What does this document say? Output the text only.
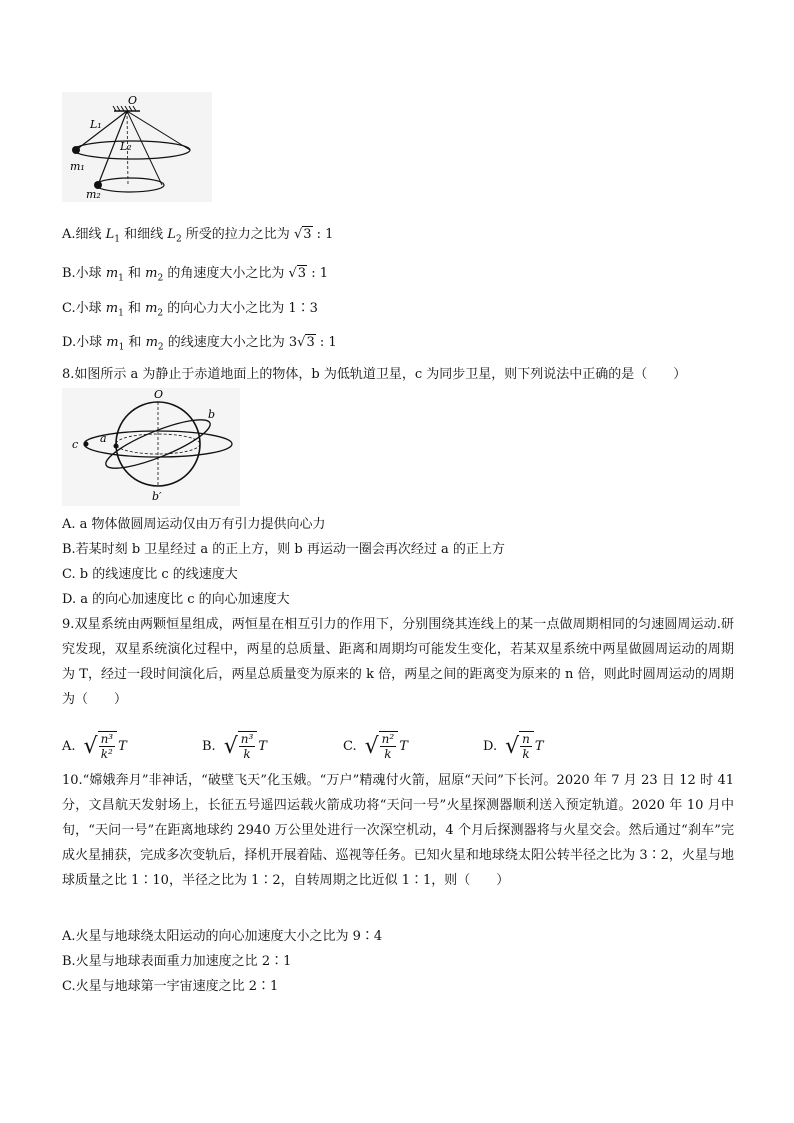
O
L₁
L₂
m₁
m₂
A.细线 $L_1$ 和细线 $L_2$ 所受的拉力之比为 √3 : 1
B.小球 $m_1$ 和 $m_2$ 的角速度大小之比为 √3 : 1
C.小球 $m_1$ 和 $m_2$ 的向心力大小之比为 1∶3
D.小球 $m_1$ 和 $m_2$ 的线速度大小之比为 3√3 : 1
8.如图所示 a 为静止于赤道地面上的物体，b 为低轨道卫星，c 为同步卫星，则下列说法中正确的是（　　）
O
b
a
c
b′
A. a 物体做圆周运动仅由万有引力提供向心力
B.若某时刻 b 卫星经过 a 的正上方，则 b 再运动一圈会再次经过 a 的正上方
C. b 的线速度比 c 的线速度大
D. a 的向心加速度比 c 的向心加速度大
9.双星系统由两颗恒星组成，两恒星在相互引力的作用下，分别围绕其连线上的某一点做周期相同的匀速圆周运动.研究发现，双星系统演化过程中，两星的总质量、距离和周期均可能发生变化，若某双星系统中两星做圆周运动的周期为 T，经过一段时间演化后，两星总质量变为原来的 k 倍，两星之间的距离变为原来的 n 倍，则此时圆周运动的周期为（　　）
A. √ $\frac{\text{n³}}{\text{k²}}$ T	B. √ $\frac{\text{n³}}{k}$ T	C. √ $\frac{\text{n²}}{k}$ T	D. √ $\frac{n}{k}$ T
10.“嫦娥奔月”非神话，“破壁飞天”化玉娥。“万户”精魂付火箭，屈原“天问”下长河。2020 年 7 月 23 日 12 时 41 分，文昌航天发射场上，长征五号遥四运载火箭成功将“天问一号”火星探测器顺利送入预定轨道。2020 年 10 月中旬，“天问一号”在距离地球约 2940 万公里处进行一次深空机动，4 个月后探测器将与火星交会。然后通过“刹车”完成火星捕获，完成多次变轨后，择机开展着陆、巡视等任务。已知火星和地球绕太阳公转半径之比为 3∶2，火星与地球质量之比 1∶10，半径之比为 1∶2，自转周期之比近似 1∶1，则（　　）
A.火星与地球绕太阳运动的向心加速度大小之比为 9∶4
B.火星与地球表面重力加速度之比 2∶1
C.火星与地球第一宇宙速度之比 2∶1
